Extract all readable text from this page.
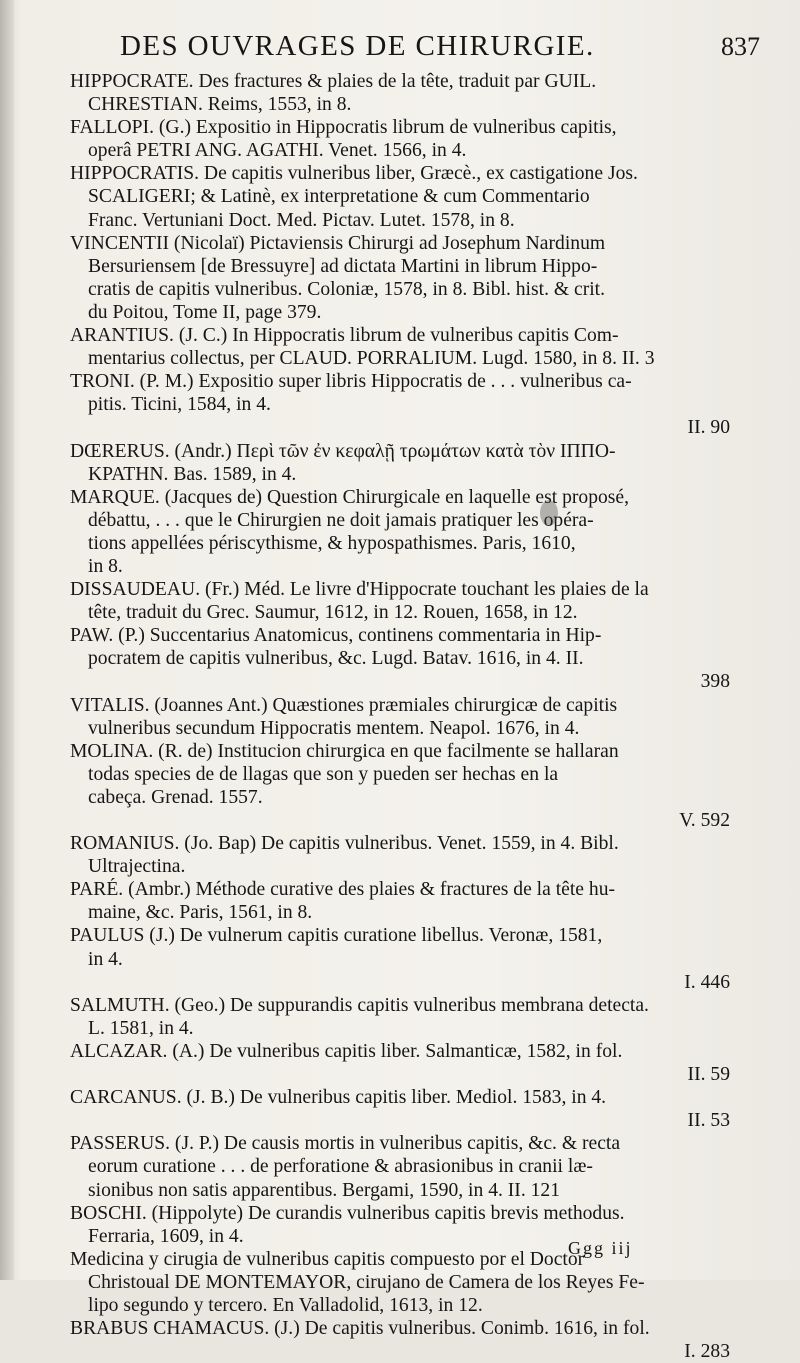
DES OUVRAGES DE CHIRURGIE.	837
HIPPOCRATE. Des fractures & plaies de la tête, traduit par GUIL.
CHRESTIAN. Reims, 1553, in 8.
FALLOPI. (G.) Expositio in Hippocratis librum de vulneribus capitis,
operâ PETRI ANG. AGATHI. Venet. 1566, in 4.
HIPPOCRATIS. De capitis vulneribus liber, Græcè., ex castigatione Jos.
SCALIGERI; & Latinè, ex interpretatione & cum Commentario
Franc. Vertuniani Doct. Med. Pictav. Lutet. 1578, in 8.
VINCENTII (Nicolaï) Pictaviensis Chirurgi ad Josephum Nardinum
Bersuriensem [de Bressuyre] ad dictata Martini in librum Hippo-
cratis de capitis vulneribus. Coloniæ, 1578, in 8. Bibl. hist. & crit.
du Poitou, Tome II, page 379.
ARANTIUS. (J. C.) In Hippocratis librum de vulneribus capitis Com-
mentarius collectus, per CLAUD. PORRALIUM. Lugd. 1580, in 8. II. 3
TRONI. (P. M.) Expositio super libris Hippocratis de . . . vulneribus ca-
pitis. Ticini, 1584, in 4.
II. 90
DŒRERUS. (Andr.) Περὶ τῶν ἐν κεφαλῇ τρωμάτων κατὰ τὸν ΙΠΠΟ-
ΚΡΑΤΗΝ. Bas. 1589, in 4.
MARQUE. (Jacques de) Question Chirurgicale en laquelle est proposé,
débattu, . . . que le Chirurgien ne doit jamais pratiquer les opéra-
tions appellées périscythisme, & hypospathismes. Paris, 1610,
in 8.
DISSAUDEAU. (Fr.) Méd. Le livre d'Hippocrate touchant les plaies de la
tête, traduit du Grec. Saumur, 1612, in 12. Rouen, 1658, in 12.
PAW. (P.) Succentarius Anatomicus, continens commentaria in Hip-
pocratem de capitis vulneribus, &c. Lugd. Batav. 1616, in 4. II.
398
VITALIS. (Joannes Ant.) Quæstiones præmiales chirurgicæ de capitis
vulneribus secundum Hippocratis mentem. Neapol. 1676, in 4.
MOLINA. (R. de) Institucion chirurgica en que facilmente se hallaran
todas species de de llagas que son y pueden ser hechas en la
cabeça. Grenad. 1557.
V. 592
ROMANIUS. (Jo. Bap) De capitis vulneribus. Venet. 1559, in 4. Bibl.
Ultrajectina.
PARÉ. (Ambr.) Méthode curative des plaies & fractures de la tête hu-
maine, &c. Paris, 1561, in 8.
PAULUS (J.) De vulnerum capitis curatione libellus. Veronæ, 1581,
in 4.
I. 446
SALMUTH. (Geo.) De suppurandis capitis vulneribus membrana detecta.
L. 1581, in 4.
ALCAZAR. (A.) De vulneribus capitis liber. Salmanticæ, 1582, in fol.
II. 59
CARCANUS. (J. B.) De vulneribus capitis liber. Mediol. 1583, in 4.
II. 53
PASSERUS. (J. P.) De causis mortis in vulneribus capitis, &c. & recta
eorum curatione . . . de perforatione & abrasionibus in cranii læ-
sionibus non satis apparentibus. Bergami, 1590, in 4. II. 121
BOSCHI. (Hippolyte) De curandis vulneribus capitis brevis methodus.
Ferraria, 1609, in 4.
Medicina y cirugia de vulneribus capitis compuesto por el Doctor
Christoual DE MONTEMAYOR, cirujano de Camera de los Reyes Fe-
lipo segundo y tercero. En Valladolid, 1613, in 12.
BRABUS CHAMACUS. (J.) De capitis vulneribus. Conimb. 1616, in fol.
I. 283
Ggg iij
